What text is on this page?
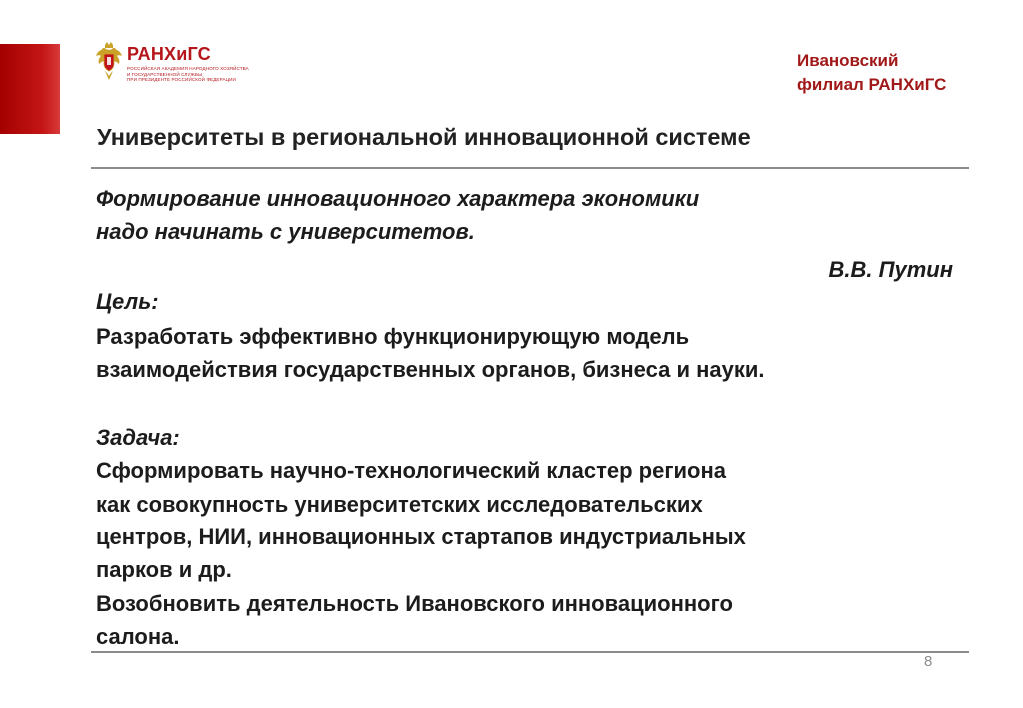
РАНХиГС
РОССИЙСКАЯ АКАДЕМИЯ НАРОДНОГО ХОЗЯЙСТВА
И ГОСУДАРСТВЕННОЙ СЛУЖБЫ
ПРИ ПРЕЗИДЕНТЕ РОССИЙСКОЙ ФЕДЕРАЦИИ
Ивановский
филиал РАНХиГС
Университеты в региональной инновационной системе
Формирование инновационного характера экономики
надо начинать с университетов.
В.В. Путин
Цель:
Разработать эффективно функционирующую модель
взаимодействия государственных органов, бизнеса и науки.
Задача:
Сформировать научно-технологический кластер региона
как совокупность университетских исследовательских
центров, НИИ, инновационных стартапов индустриальных
парков и др.
Возобновить деятельность Ивановского инновационного
салона.
8
